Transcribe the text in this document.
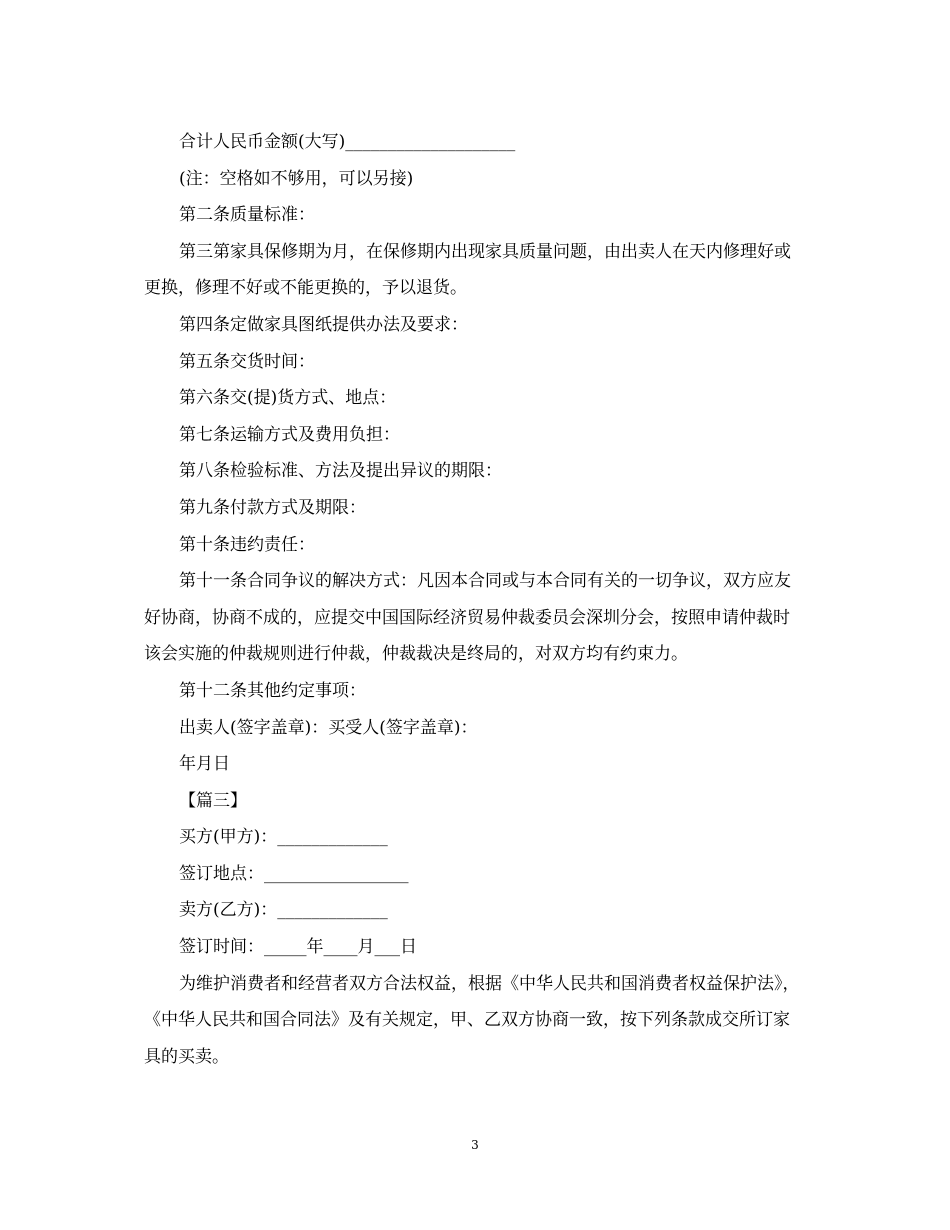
合计人民币金额(大写)____________________

(注：空格如不够用，可以另接)

第二条质量标准：

第三第家具保修期为月，在保修期内出现家具质量问题，由出卖人在天内修理好或更换，修理不好或不能更换的，予以退货。

第四条定做家具图纸提供办法及要求：

第五条交货时间：

第六条交(提)货方式、地点：

第七条运输方式及费用负担：

第八条检验标准、方法及提出异议的期限：

第九条付款方式及期限：

第十条违约责任：

第十一条合同争议的解决方式：凡因本合同或与本合同有关的一切争议，双方应友好协商，协商不成的，应提交中国国际经济贸易仲裁委员会深圳分会，按照申请仲裁时该会实施的仲裁规则进行仲裁，仲裁裁决是终局的，对双方均有约束力。

第十二条其他约定事项：

出卖人(签字盖章)：买受人(签字盖章)：

年月日

【篇三】

买方(甲方)：_____________

签订地点：_________________

卖方(乙方)：_____________

签订时间：_____年____月___日

为维护消费者和经营者双方合法权益，根据《中华人民共和国消费者权益保护法》，《中华人民共和国合同法》及有关规定，甲、乙双方协商一致，按下列条款成交所订家具的买卖。

3
